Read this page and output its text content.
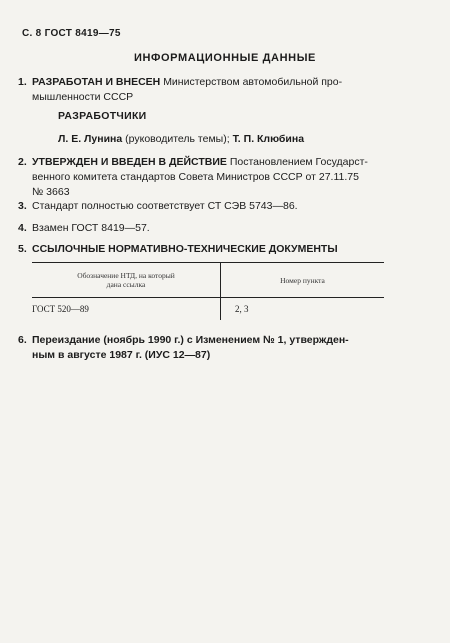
С. 8 ГОСТ 8419—75
ИНФОРМАЦИОННЫЕ ДАННЫЕ
1. РАЗРАБОТАН И ВНЕСЕН Министерством автомобильной про-
мышленности СССР
РАЗРАБОТЧИКИ
Л. Е. Лунина (руководитель темы); Т. П. Клюбина
2. УТВЕРЖДЕН И ВВЕДЕН В ДЕЙСТВИЕ Постановлением Государст-
венного комитета стандартов Совета Министров СССР от 27.11.75
№ 3663
3. Стандарт полностью соответствует СТ СЭВ 5743—86.
4. Взамен ГОСТ 8419—57.
5. ССЫЛОЧНЫЕ НОРМАТИВНО-ТЕХНИЧЕСКИЕ ДОКУМЕНТЫ
Обозначение НТД, на который
дана ссылка	Номер пункта
ГОСТ 520—89	2, 3
6. Переиздание (ноябрь 1990 г.) с Изменением № 1, утвержден-
ным в августе 1987 г. (ИУС 12—87)
